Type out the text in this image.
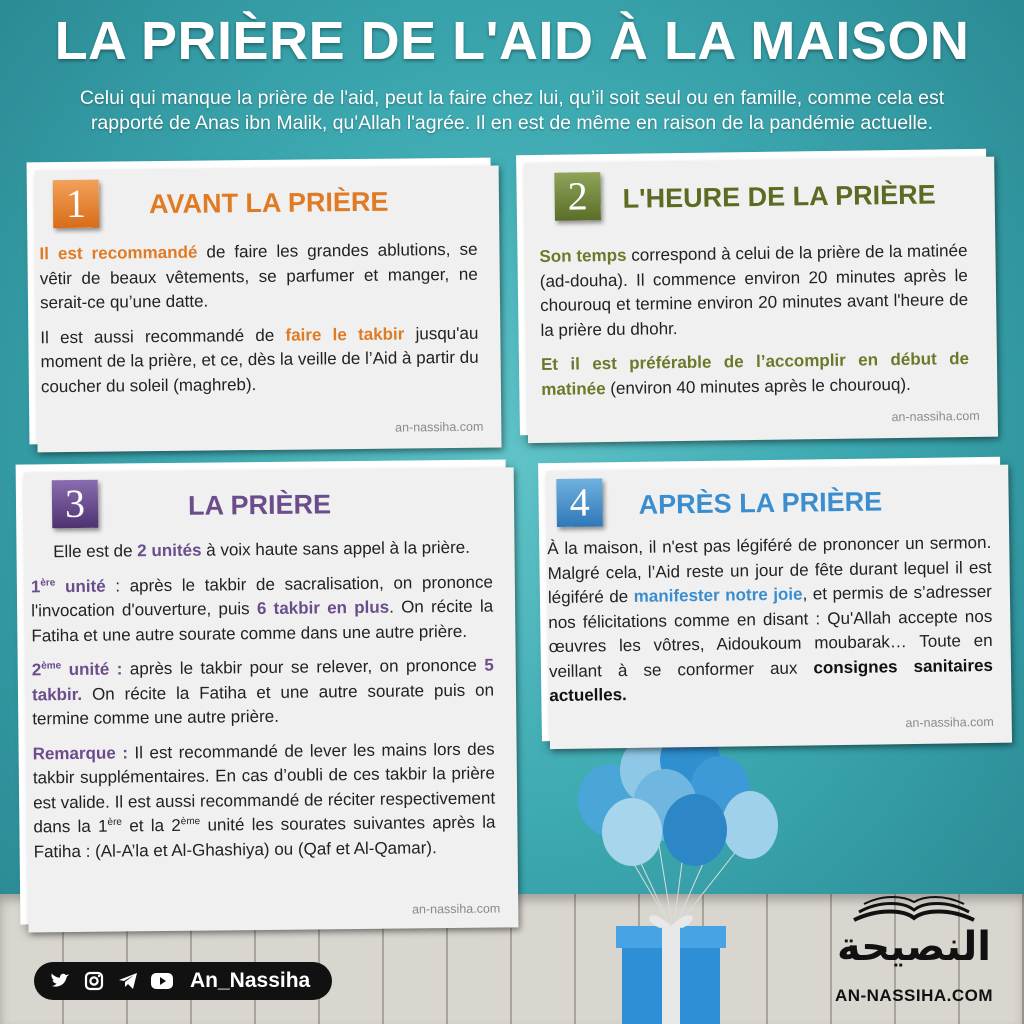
LA PRIÈRE DE L'AID À LA MAISON
Celui qui manque la prière de l'aid, peut la faire chez lui, qu’il soit seul ou en famille, comme cela est
rapporté de Anas ibn Malik, qu'Allah l'agrée. Il en est de même en raison de la pandémie actuelle.
1	AVANT LA PRIÈRE

Il est recommandé de faire les grandes ablutions, se vêtir de beaux vêtements, se parfumer et manger, ne serait-ce qu’une datte.

Il est aussi recommandé de faire le takbir jusqu'au moment de la prière, et ce, dès la veille de l’Aid à partir du coucher du soleil (maghreb).

an-nassiha.com
2	L'HEURE DE LA PRIÈRE

Son temps correspond à celui de la prière de la matinée (ad-douha). Il commence environ 20 minutes après le chourouq et termine environ 20 minutes avant l'heure de la prière du dhohr.

Et il est préférable de l’accomplir en début de matinée (environ 40 minutes après le chourouq).

an-nassiha.com
3	LA PRIÈRE

Elle est de 2 unités à voix haute sans appel à la prière.

1ère unité : après le takbir de sacralisation, on prononce l'invocation d'ouverture, puis 6 takbir en plus. On récite la Fatiha et une autre sourate comme dans une autre prière.

2ème unité : après le takbir pour se relever, on prononce 5 takbir. On récite la Fatiha et une autre sourate puis on termine comme une autre prière.

Remarque : Il est recommandé de lever les mains lors des takbir supplémentaires. En cas d’oubli de ces takbir la prière est valide. Il est aussi recommandé de réciter respectivement dans la 1ère et la 2ème unité les sourates suivantes après la Fatiha : (Al-A’la et Al-Ghashiya) ou (Qaf et Al-Qamar).

an-nassiha.com
4	APRÈS LA PRIÈRE

À la maison, il n'est pas légiféré de prononcer un sermon. Malgré cela, l’Aid reste un jour de fête durant lequel il est légiféré de manifester notre joie, et permis de s’adresser nos félicitations comme en disant : Qu'Allah accepte nos œuvres les vôtres, Aidoukoum moubarak… Toute en veillant à se conformer aux consignes sanitaires actuelles.

an-nassiha.com
An_Nassiha
النصيحة
AN-NASSIHA.COM
